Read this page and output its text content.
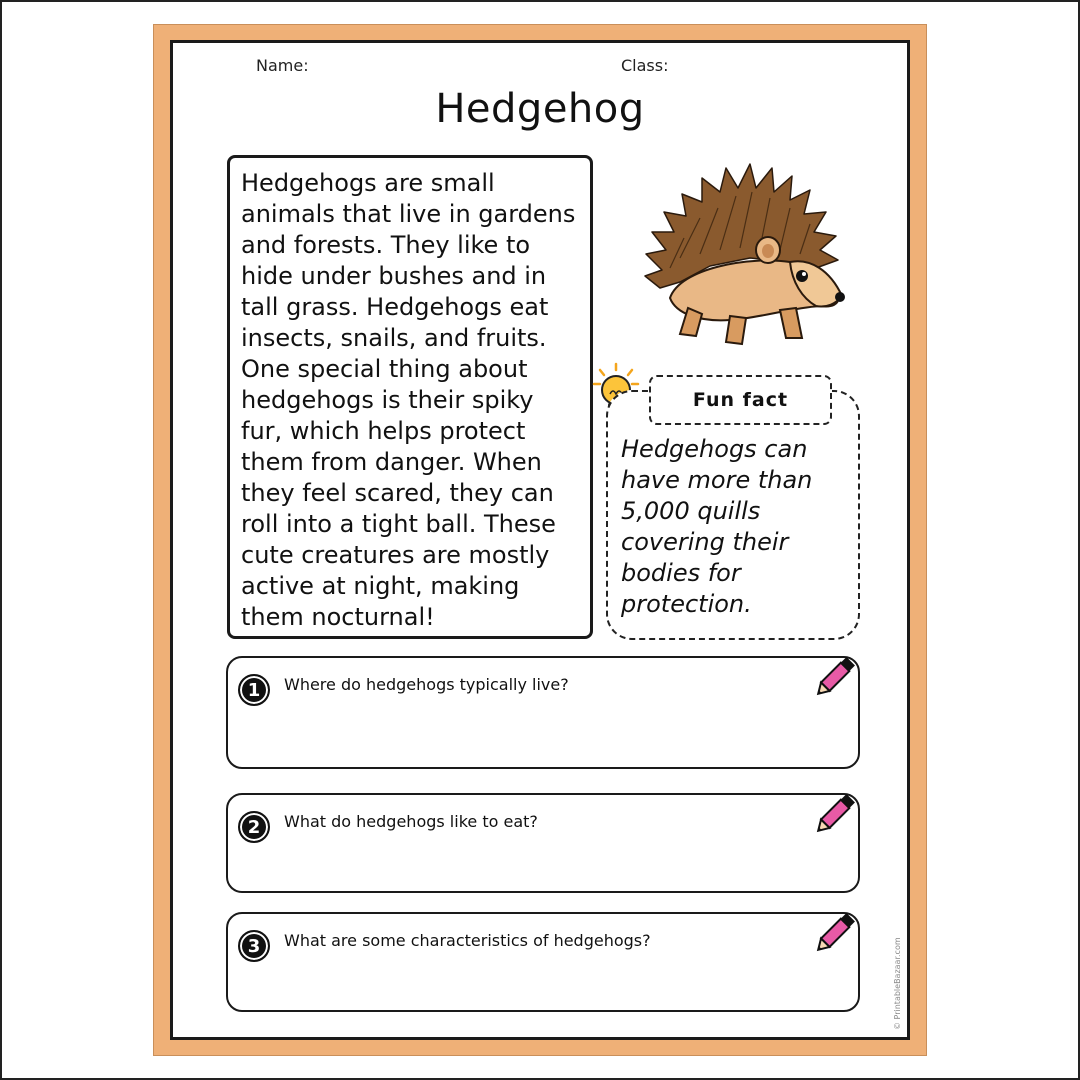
Name:	Class:
Hedgehog

Hedgehogs are small animals that live in gardens and forests. They like to hide under bushes and in tall grass. Hedgehogs eat insects, snails, and fruits. One special thing about hedgehogs is their spiky fur, which helps protect them from danger. When they feel scared, they can roll into a tight ball. These cute creatures are mostly active at night, making them nocturnal!

Fun fact

Hedgehogs can have more than 5,000 quills covering their bodies for protection.

1	Where do hedgehogs typically live?
2	What do hedgehogs like to eat?
3	What are some characteristics of hedgehogs?	© PrintableBazaar.com
